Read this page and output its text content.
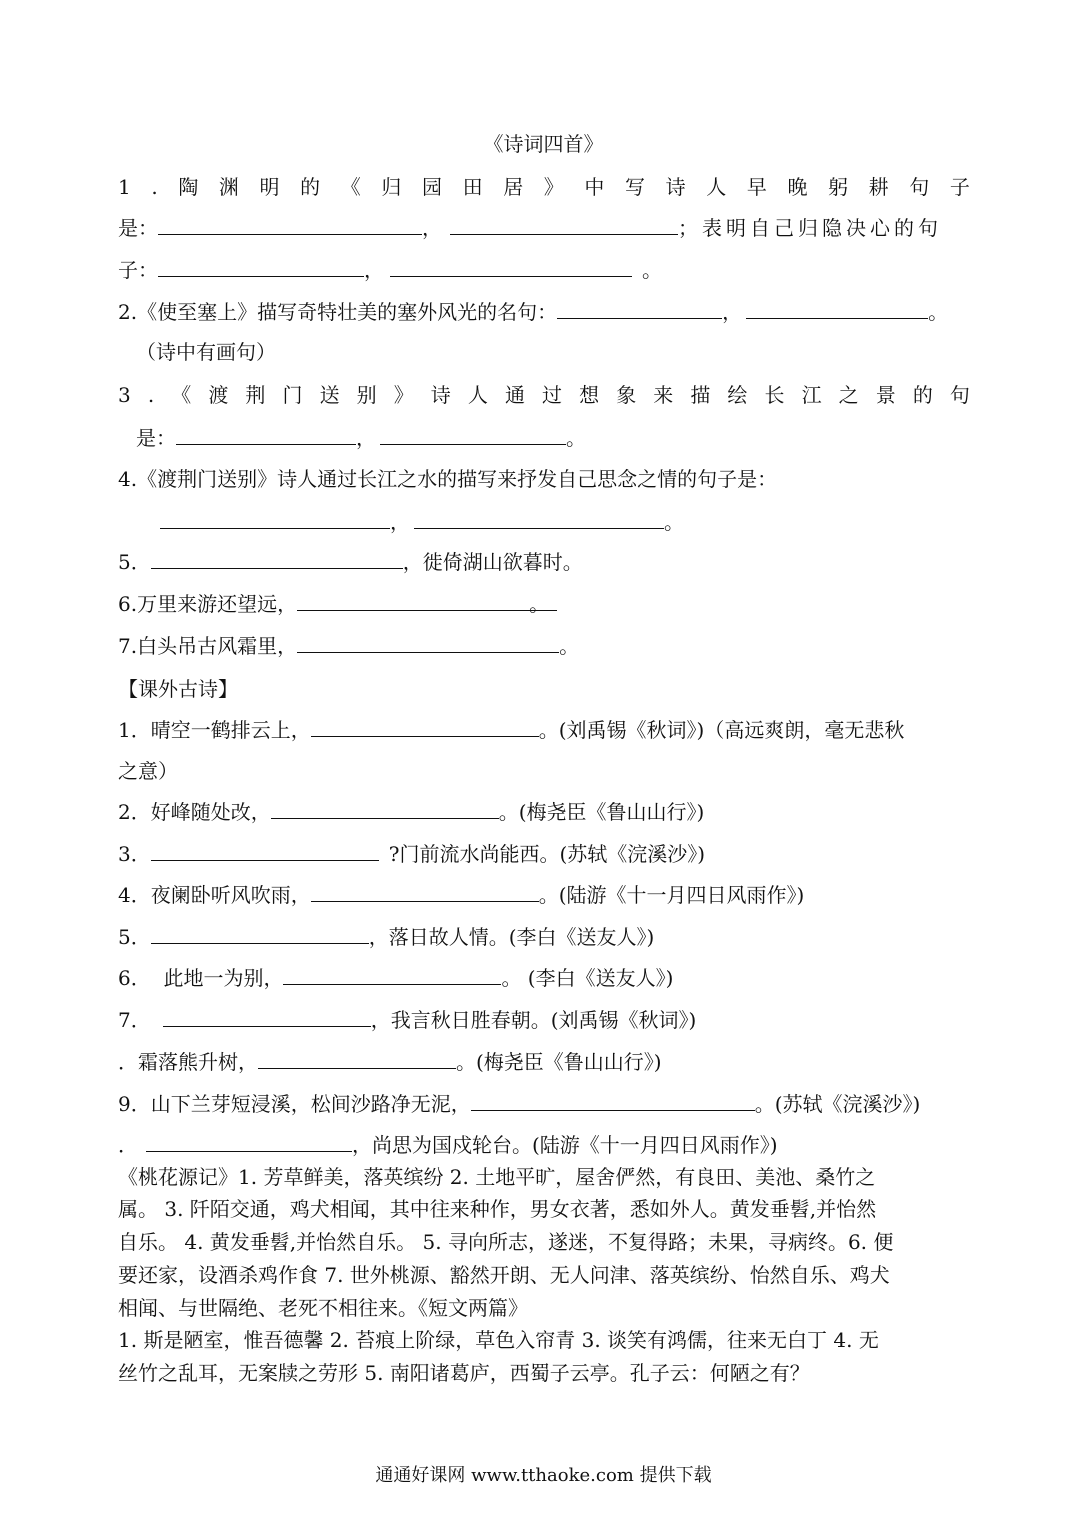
《诗词四首》
1 . 陶 渊 明 的 《 归 园 田 居 》 中 写 诗 人 早 晚 躬 耕 句 子
是：	，	；表明自己归隐决心的句
子：	，	。
2.《使至塞上》描写奇特壮美的塞外风光的名句：	，	。
（诗中有画句）
3 . 《 渡 荆 门 送 别 》 诗 人 通 过 想 象 来 描 绘 长 江 之 景 的 句
是：	，	。
4.《渡荆门送别》诗人通过长江之水的描写来抒发自己思念之情的句子是：
，	。
5．	，徙倚湖山欲暮时。
6.万里来游还望远，	。
7.白头吊古风霜里，	。
【课外古诗】
1．晴空一鹤排云上，	。(刘禹锡《秋词》)（高远爽朗，毫无悲秋
之意）
2．好峰随处改，	。(梅尧臣《鲁山山行》)
3．	?门前流水尚能西。(苏轼《浣溪沙》)
4．夜阑卧听风吹雨，	。(陆游《十一月四日风雨作》)
5．	，落日故人情。(李白《送友人》)
6．  此地一为别，	。 (李白《送友人》)
7．	，我言秋日胜春朝。(刘禹锡《秋词》)
．霜落熊升树，	。(梅尧臣《鲁山山行》)
9．山下兰芽短浸溪，松间沙路净无泥，	。(苏轼《浣溪沙》)
．	，尚思为国戍轮台。(陆游《十一月四日风雨作》)
《桃花源记》1. 芳草鲜美，落英缤纷 2. 土地平旷，屋舍俨然，有良田、美池、桑竹之
属。 3. 阡陌交通，鸡犬相闻，其中往来种作，男女衣著，悉如外人。黄发垂髫,并怡然
自乐。 4. 黄发垂髫,并怡然自乐。 5. 寻向所志，遂迷，不复得路；未果，寻病终。6. 便
要还家，设酒杀鸡作食 7. 世外桃源、豁然开朗、无人问津、落英缤纷、怡然自乐、鸡犬
相闻、与世隔绝、老死不相往来。《短文两篇》
1. 斯是陋室，惟吾德馨 2. 苔痕上阶绿，草色入帘青 3. 谈笑有鸿儒，往来无白丁 4. 无
丝竹之乱耳，无案牍之劳形 5. 南阳诸葛庐，西蜀子云亭。孔子云：何陋之有？
通通好课网 www.tthaoke.com 提供下载
